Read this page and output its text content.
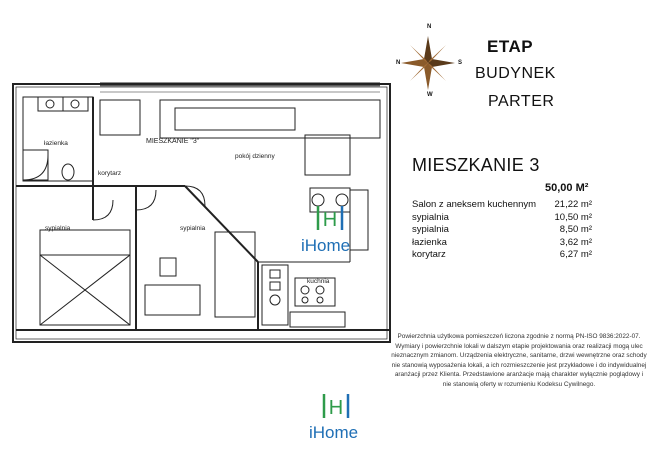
MIESZKANIE "3"
pokój dzienny
łazienka
korytarz
sypialnia	sypialnia
kuchnia
H
iHome
N
W
N	S
ETAP
BUDYNEK
PARTER
MIESZKANIE 3
50,00 M²
Salon z aneksem kuchennym 21,22 m²
sypialnia	10,50 m²
sypialnia	8,50 m²
łazienka	3,62 m²
korytarz	6,27 m²
Powierzchnia użytkowa pomieszczeń liczona zgodnie z normą PN-ISO 9836:2022-07. Wymiary i powierzchnie lokali w dalszym etapie projektowania oraz realizacji mogą ulec nieznacznym zmianom. Urządzenia elektryczne, sanitarne, drzwi wewnętrzne oraz schody nie stanowią wyposażenia lokali, a ich rozmieszczenie jest przykładowe i do indywidualnej aranżacji przez Klienta. Przedstawione aranżacje mają charakter wyłącznie poglądowy i nie stanowią oferty w rozumieniu Kodeksu Cywilnego.
H
iHome
